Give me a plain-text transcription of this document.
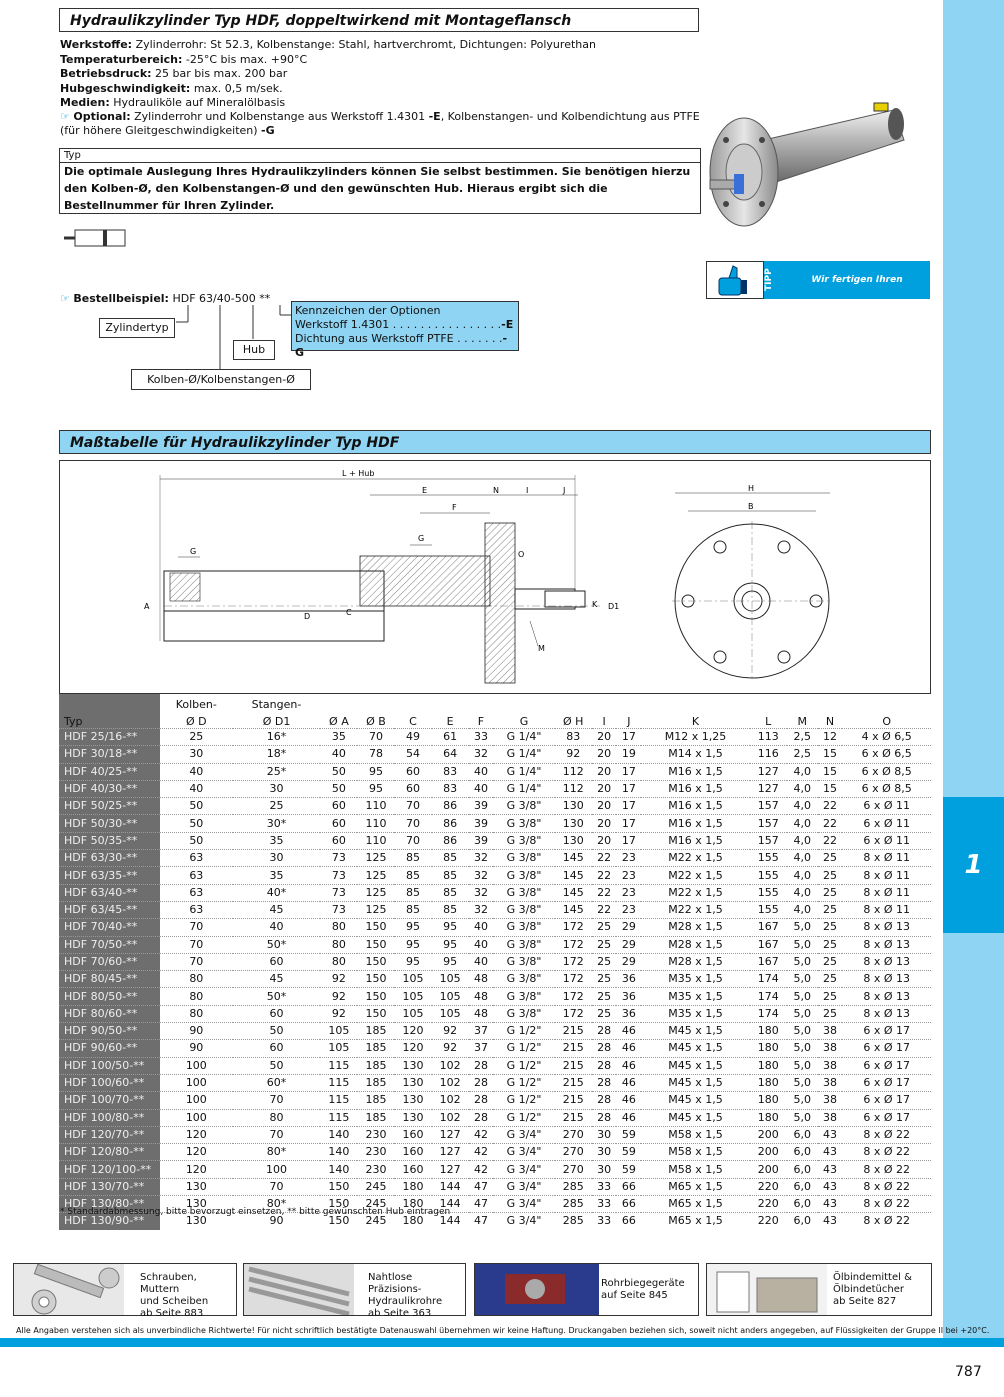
1
Hydraulikzylinder Typ HDF, doppeltwirkend mit Montageflansch
Werkstoffe: Zylinderrohr: St 52.3, Kolbenstange: Stahl, hartverchromt, Dichtungen: Polyurethan
Temperaturbereich: -25°C bis max. +90°C
Betriebsdruck: 25 bar bis max. 200 bar
Hubgeschwindigkeit: max. 0,5 m/sek.
Medien: Hydrauliköle auf Mineralölbasis
☞ Optional: Zylinderrohr und Kolbenstange aus Werkstoff 1.4301 -E, Kolbenstangen- und Kolbendichtung aus PTFE
(für höhere Gleitgeschwindigkeiten) -G
Typ
Die optimale Auslegung Ihres Hydraulikzylinders können Sie selbst bestimmen. Sie benötigen hierzu den Kolben-Ø, den Kolbenstangen-Ø und den gewünschten Hub. Hieraus ergibt sich die Bestellnummer für Ihren Zylinder.
TIPP	Wir fertigen Ihren Wunschhub!
☞ Bestellbeispiel: HDF 63/40-500 **
Zylindertyp
Hub
Kolben-Ø/Kolbenstangen-Ø
Kennzeichen der Optionen
Werkstoff 1.4301 . . . . . . . . . . . . . . . .-E
Dichtung aus Werkstoff PTFE . . . . . . .-G
Maßtabelle für Hydraulikzylinder Typ HDF
L + Hub
E	N	I	J
F
G
G
A
D	C
O
K D1
M
H
B
	Kolben-	Stangen-														
Typ	Ø D	Ø D1	Ø A	Ø B	C	E	F	G	Ø H	I	J	K	L	M	N	O
HDF 25/16-**	25	16*	35	70	49	61	33	G 1/4"	83	20	17	M12 x 1,25	113	2,5	12	4 x Ø 6,5
HDF 30/18-**	30	18*	40	78	54	64	32	G 1/4"	92	20	19	M14 x 1,5	116	2,5	15	6 x Ø 6,5
HDF 40/25-**	40	25*	50	95	60	83	40	G 1/4"	112	20	17	M16 x 1,5	127	4,0	15	6 x Ø 8,5
HDF 40/30-**	40	30	50	95	60	83	40	G 1/4"	112	20	17	M16 x 1,5	127	4,0	15	6 x Ø 8,5
HDF 50/25-**	50	25	60	110	70	86	39	G 3/8"	130	20	17	M16 x 1,5	157	4,0	22	6 x Ø 11
HDF 50/30-**	50	30*	60	110	70	86	39	G 3/8"	130	20	17	M16 x 1,5	157	4,0	22	6 x Ø 11
HDF 50/35-**	50	35	60	110	70	86	39	G 3/8"	130	20	17	M16 x 1,5	157	4,0	22	6 x Ø 11
HDF 63/30-**	63	30	73	125	85	85	32	G 3/8"	145	22	23	M22 x 1,5	155	4,0	25	8 x Ø 11
HDF 63/35-**	63	35	73	125	85	85	32	G 3/8"	145	22	23	M22 x 1,5	155	4,0	25	8 x Ø 11
HDF 63/40-**	63	40*	73	125	85	85	32	G 3/8"	145	22	23	M22 x 1,5	155	4,0	25	8 x Ø 11
HDF 63/45-**	63	45	73	125	85	85	32	G 3/8"	145	22	23	M22 x 1,5	155	4,0	25	8 x Ø 11
HDF 70/40-**	70	40	80	150	95	95	40	G 3/8"	172	25	29	M28 x 1,5	167	5,0	25	8 x Ø 13
HDF 70/50-**	70	50*	80	150	95	95	40	G 3/8"	172	25	29	M28 x 1,5	167	5,0	25	8 x Ø 13
HDF 70/60-**	70	60	80	150	95	95	40	G 3/8"	172	25	29	M28 x 1,5	167	5,0	25	8 x Ø 13
HDF 80/45-**	80	45	92	150	105	105	48	G 3/8"	172	25	36	M35 x 1,5	174	5,0	25	8 x Ø 13
HDF 80/50-**	80	50*	92	150	105	105	48	G 3/8"	172	25	36	M35 x 1,5	174	5,0	25	8 x Ø 13
HDF 80/60-**	80	60	92	150	105	105	48	G 3/8"	172	25	36	M35 x 1,5	174	5,0	25	8 x Ø 13
HDF 90/50-**	90	50	105	185	120	92	37	G 1/2"	215	28	46	M45 x 1,5	180	5,0	38	6 x Ø 17
HDF 90/60-**	90	60	105	185	120	92	37	G 1/2"	215	28	46	M45 x 1,5	180	5,0	38	6 x Ø 17
HDF 100/50-**	100	50	115	185	130	102	28	G 1/2"	215	28	46	M45 x 1,5	180	5,0	38	6 x Ø 17
HDF 100/60-**	100	60*	115	185	130	102	28	G 1/2"	215	28	46	M45 x 1,5	180	5,0	38	6 x Ø 17
HDF 100/70-**	100	70	115	185	130	102	28	G 1/2"	215	28	46	M45 x 1,5	180	5,0	38	6 x Ø 17
HDF 100/80-**	100	80	115	185	130	102	28	G 1/2"	215	28	46	M45 x 1,5	180	5,0	38	6 x Ø 17
HDF 120/70-**	120	70	140	230	160	127	42	G 3/4"	270	30	59	M58 x 1,5	200	6,0	43	8 x Ø 22
HDF 120/80-**	120	80*	140	230	160	127	42	G 3/4"	270	30	59	M58 x 1,5	200	6,0	43	8 x Ø 22
HDF 120/100-**	120	100	140	230	160	127	42	G 3/4"	270	30	59	M58 x 1,5	200	6,0	43	8 x Ø 22
HDF 130/70-**	130	70	150	245	180	144	47	G 3/4"	285	33	66	M65 x 1,5	220	6,0	43	8 x Ø 22
HDF 130/80-**	130	80*	150	245	180	144	47	G 3/4"	285	33	66	M65 x 1,5	220	6,0	43	8 x Ø 22
HDF 130/90-**	130	90	150	245	180	144	47	G 3/4"	285	33	66	M65 x 1,5	220	6,0	43	8 x Ø 22
* Standardabmessung, bitte bevorzugt einsetzen, ** bitte gewünschten Hub eintragen
Schrauben, Muttern
und Scheiben
ab Seite 883
Nahtlose Präzisions-
Hydraulikrohre
ab Seite 363
Rohrbiegegeräte
auf Seite 845
Ölbindemittel &
Ölbindetücher
ab Seite 827
Alle Angaben verstehen sich als unverbindliche Richtwerte! Für nicht schriftlich bestätigte Datenauswahl übernehmen wir keine Haftung. Druckangaben beziehen sich, soweit nicht anders angegeben, auf Flüssigkeiten der Gruppe II bei +20°C.
787
